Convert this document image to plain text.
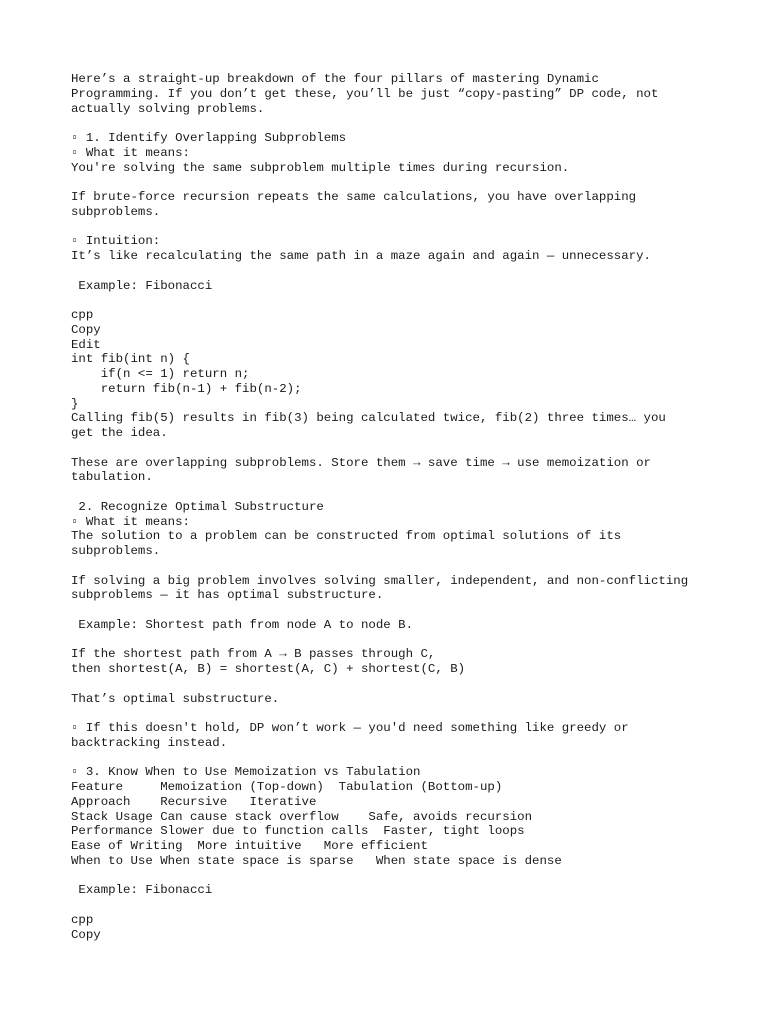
Here’s a straight-up breakdown of the four pillars of mastering Dynamic
Programming. If you don’t get these, you’ll be just “copy-pasting” DP code, not
actually solving problems.
▫ 1. Identify Overlapping Subproblems
▫ What it means:
You're solving the same subproblem multiple times during recursion.
If brute-force recursion repeats the same calculations, you have overlapping
subproblems.
▫ Intuition:
It’s like recalculating the same path in a maze again and again — unnecessary.
Example: Fibonacci
cpp
Copy
Edit
int fib(int n) {
if(n <= 1) return n;
return fib(n-1) + fib(n-2);
}
Calling fib(5) results in fib(3) being calculated twice, fib(2) three times… you
get the idea.
These are overlapping subproblems. Store them → save time → use memoization or
tabulation.
2. Recognize Optimal Substructure
▫ What it means:
The solution to a problem can be constructed from optimal solutions of its
subproblems.
If solving a big problem involves solving smaller, independent, and non-conflicting
subproblems — it has optimal substructure.
Example: Shortest path from node A to node B.
If the shortest path from A → B passes through C,
then shortest(A, B) = shortest(A, C) + shortest(C, B)
That’s optimal substructure.
▫ If this doesn't hold, DP won’t work — you'd need something like greedy or
backtracking instead.
▫ 3. Know When to Use Memoization vs Tabulation
Feature     Memoization (Top-down)  Tabulation (Bottom-up)
Approach    Recursive   Iterative
Stack Usage Can cause stack overflow    Safe, avoids recursion
Performance Slower due to function calls  Faster, tight loops
Ease of Writing  More intuitive   More efficient
When to Use When state space is sparse   When state space is dense
Example: Fibonacci
cpp
Copy
